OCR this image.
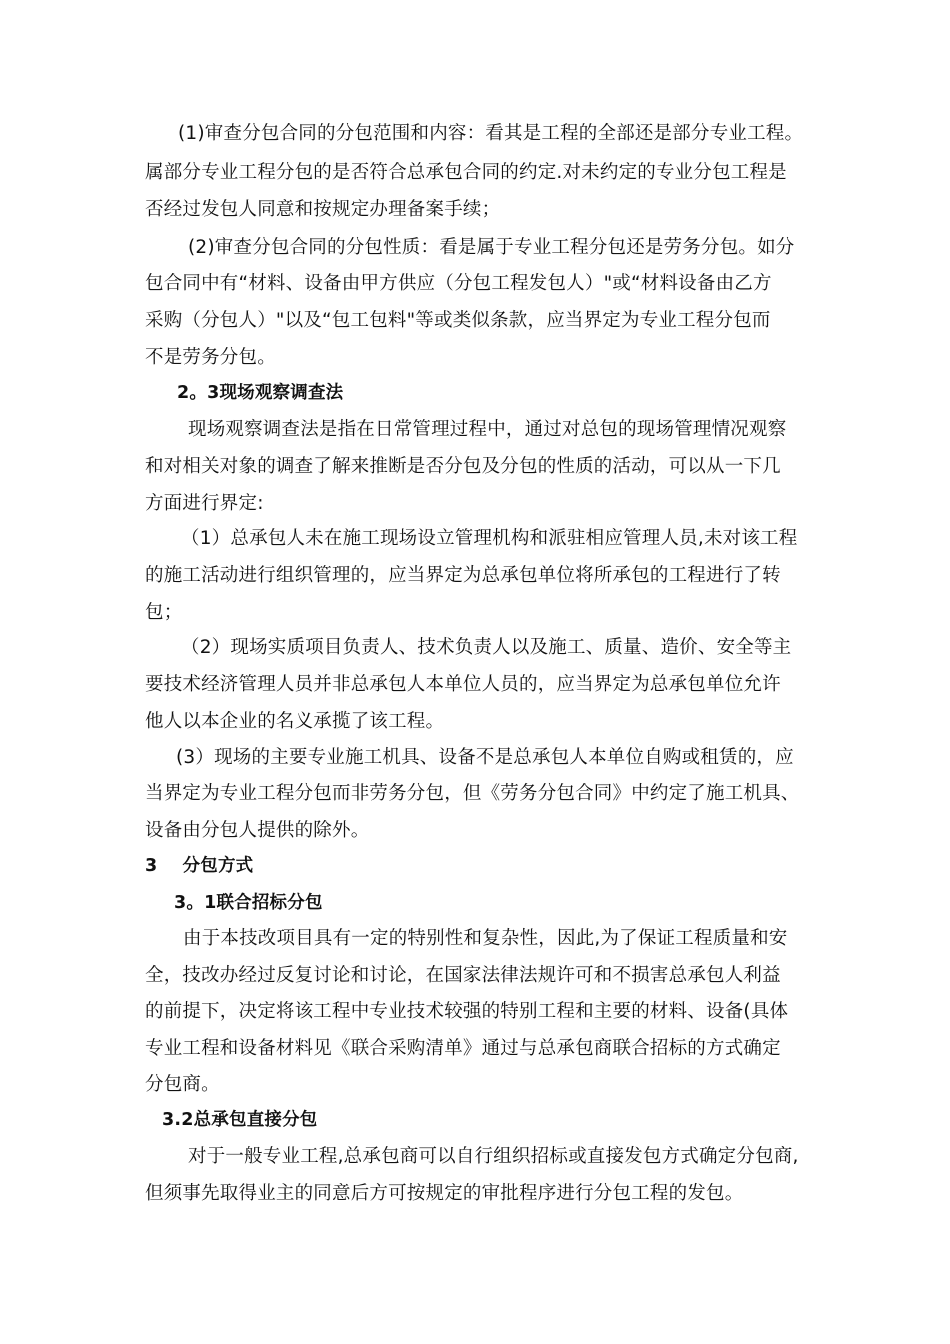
(1)审查分包合同的分包范围和内容：看其是工程的全部还是部分专业工程。
属部分专业工程分包的是否符合总承包合同的约定.对未约定的专业分包工程是
否经过发包人同意和按规定办理备案手续；
(2)审查分包合同的分包性质：看是属于专业工程分包还是劳务分包。如分
包合同中有“材料、设备由甲方供应（分包工程发包人）"或“材料设备由乙方
采购（分包人）"以及“包工包料"等或类似条款，应当界定为专业工程分包而
不是劳务分包。
2。3现场观察调查法
现场观察调查法是指在日常管理过程中，通过对总包的现场管理情况观察
和对相关对象的调查了解来推断是否分包及分包的性质的活动，可以从一下几
方面进行界定:
（1）总承包人未在施工现场设立管理机构和派驻相应管理人员,未对该工程
的施工活动进行组织管理的，应当界定为总承包单位将所承包的工程进行了转
包；
（2）现场实质项目负责人、技术负责人以及施工、质量、造价、安全等主
要技术经济管理人员并非总承包人本单位人员的，应当界定为总承包单位允许
他人以本企业的名义承揽了该工程。
(3）现场的主要专业施工机具、设备不是总承包人本单位自购或租赁的，应
当界定为专业工程分包而非劳务分包，但《劳务分包合同》中约定了施工机具、
设备由分包人提供的除外。
3    分包方式
3。1联合招标分包
由于本技改项目具有一定的特别性和复杂性，因此,为了保证工程质量和安
全，技改办经过反复讨论和讨论，在国家法律法规许可和不损害总承包人利益
的前提下，决定将该工程中专业技术较强的特别工程和主要的材料、设备(具体
专业工程和设备材料见《联合采购清单》通过与总承包商联合招标的方式确定
分包商。
3.2总承包直接分包
对于一般专业工程,总承包商可以自行组织招标或直接发包方式确定分包商,
但须事先取得业主的同意后方可按规定的审批程序进行分包工程的发包。
